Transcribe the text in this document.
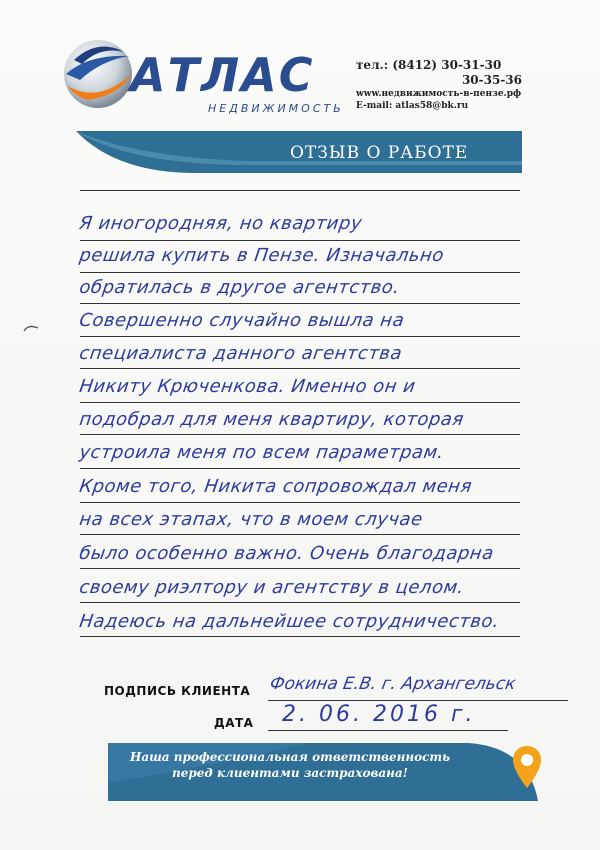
АТЛАС
НЕДВИЖИМОСТЬ
тел.: (8412) 30-31-30
30-35-36
www.недвижимость-в-пензе.рф
E-mail: atlas58@bk.ru
ОТЗЫВ О РАБОТЕ
Я иногородняя, но квартиру
решила купить в Пензе. Изначально
обратилась в другое агентство.
Совершенно случайно вышла на
специалиста данного агентства
Никиту Крюченкова. Именно он и
подобрал для меня квартиру, которая
устроила меня по всем параметрам.
Кроме того, Никита сопровождал меня
на всех этапах, что в моем случае
было особенно важно. Очень благодарна
своему риэлтору и агентству в целом.
Надеюсь на дальнейшее сотрудничество.
ПОДПИСЬ КЛИЕНТА Фокина Е.В. г. Архангельск
ДАТА 2. 06. 2016 г.
Наша профессиональная ответственность
перед клиентами застрахована!
